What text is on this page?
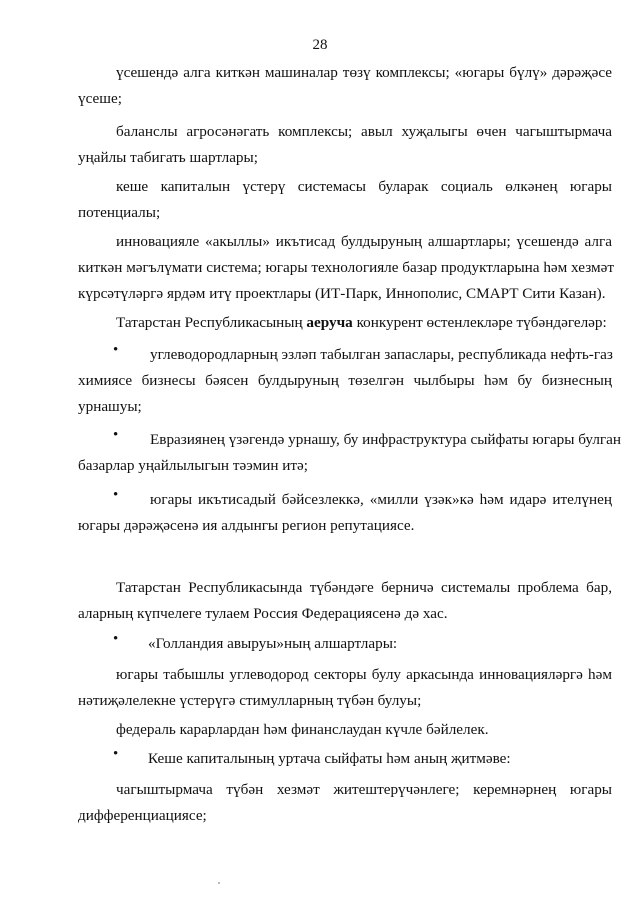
28
үсешендә алга киткән машиналар төзү комплексы; «югары бүлү» дәрәҗәсе
үсеше;
баланслы агросәнәгать комплексы; авыл хуҗалыгы өчен чагыштырмача
уңайлы табигать шартлары;
кеше капиталын үстерү системасы буларак социаль өлкәнең югары
потенциалы;
инновацияле «акыллы» икътисад булдыруның алшартлары; үсешендә алга
киткән мәгълүмати система; югары технологияле базар продуктларына һәм хезмәт
күрсәтүләргә ярдәм итү проектлары (ИТ-Парк, Иннополис, СМАРТ Сити Казан).
Татарстан Республикасының аеруча конкурент өстенлекләре түбәндәгеләр:
•	углеводородларның эзләп табылган запаслары, республикада нефть-газ
химиясе бизнесы бәясен булдыруның төзелгән чылбыры һәм бу бизнесның
урнашуы;
•	Евразиянең үзәгендә урнашу, бу инфраструктура сыйфаты югары булган
базарлар уңайлылыгын тәэмин итә;
•	югары икътисадый бәйсезлеккә, «милли үзәк»кә һәм идарә ителүнең
югары дәрәҗәсенә ия алдынгы регион репутациясе.
Татарстан Республикасында түбәндәге берничә системалы проблема бар,
аларның күпчелеге тулаем Россия Федерациясенә дә хас.
•	«Голландия авыруы»ның алшартлары:
югары табышлы углеводород секторы булу аркасында инновацияләргә һәм
нәтиҗәлелекне үстерүгә стимулларның түбән булуы;
федераль карарлардан һәм финанслаудан күчле бәйлелек.
•	Кеше капиталының уртача сыйфаты һәм аның җитмәве:
чагыштырмача түбән хезмәт житештерүчәнлеге; керемнәрнең югары
дифференциациясе;
